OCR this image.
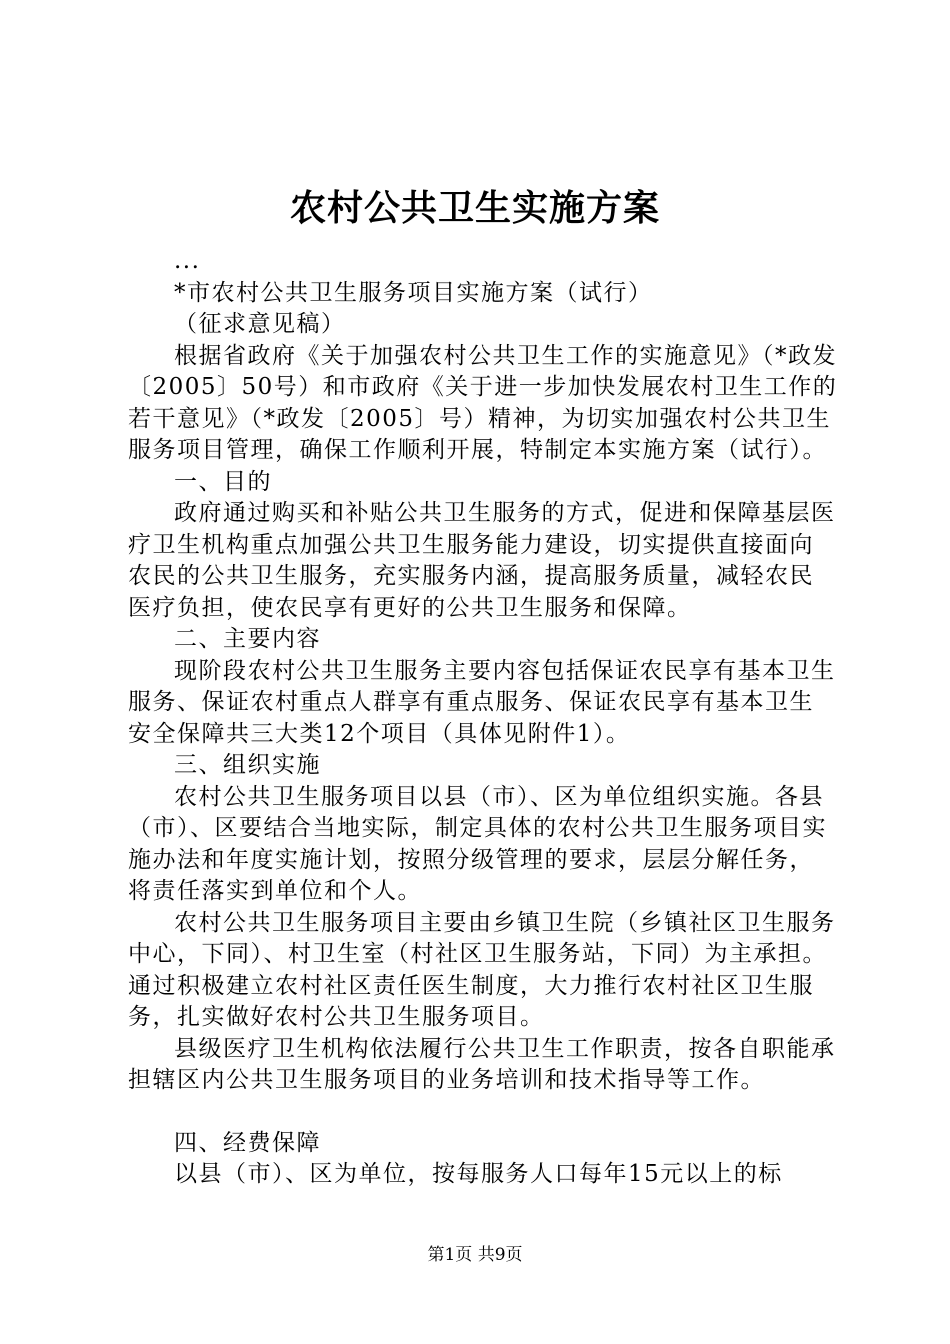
农村公共卫生实施方案

...

*市农村公共卫生服务项目实施方案（试行）

（征求意见稿）

根据省政府《关于加强农村公共卫生工作的实施意见》（*政发〔2005〕50号）和市政府《关于进一步加快发展农村卫生工作的若干意见》（*政发〔2005〕号）精神，为切实加强农村公共卫生服务项目管理，确保工作顺利开展，特制定本实施方案（试行）。

一、目的

政府通过购买和补贴公共卫生服务的方式，促进和保障基层医疗卫生机构重点加强公共卫生服务能力建设，切实提供直接面向农民的公共卫生服务，充实服务内涵，提高服务质量，减轻农民医疗负担，使农民享有更好的公共卫生服务和保障。

二、主要内容

现阶段农村公共卫生服务主要内容包括保证农民享有基本卫生服务、保证农村重点人群享有重点服务、保证农民享有基本卫生安全保障共三大类12个项目（具体见附件1）。

三、组织实施

农村公共卫生服务项目以县（市）、区为单位组织实施。各县（市）、区要结合当地实际，制定具体的农村公共卫生服务项目实施办法和年度实施计划，按照分级管理的要求，层层分解任务，将责任落实到单位和个人。

农村公共卫生服务项目主要由乡镇卫生院（乡镇社区卫生服务中心，下同）、村卫生室（村社区卫生服务站，下同）为主承担。通过积极建立农村社区责任医生制度，大力推行农村社区卫生服务，扎实做好农村公共卫生服务项目。

县级医疗卫生机构依法履行公共卫生工作职责，按各自职能承担辖区内公共卫生服务项目的业务培训和技术指导等工作。

四、经费保障

以县（市）、区为单位，按每服务人口每年15元以上的标

第1页 共9页
